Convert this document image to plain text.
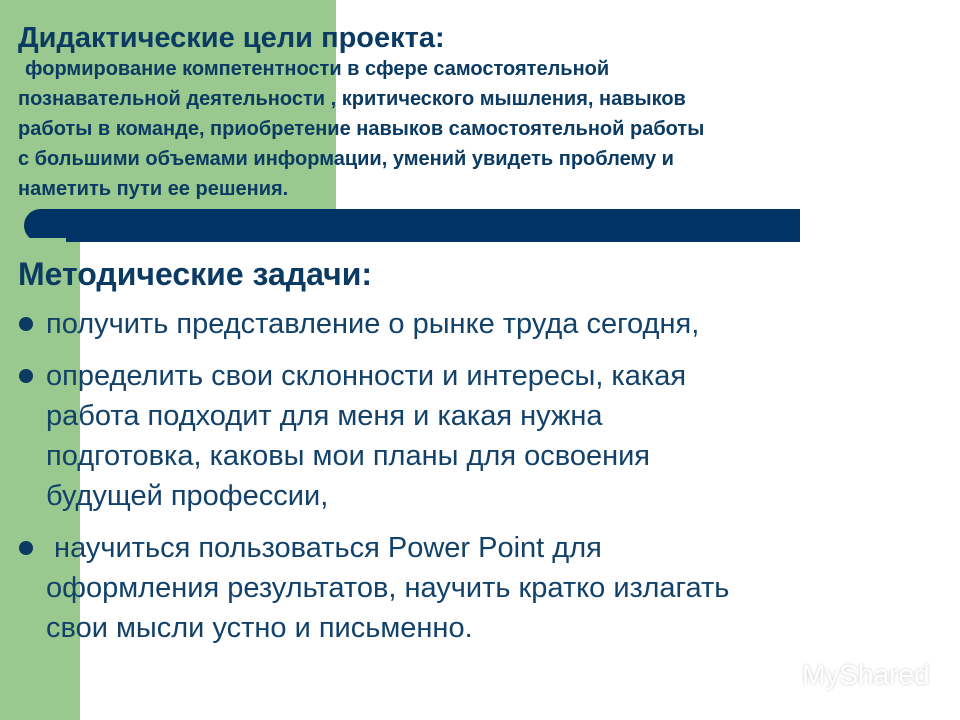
Дидактические цели проекта:
формирование компетентности в сфере самостоятельной
познавательной деятельности , критического мышления, навыков
работы в команде, приобретение навыков самостоятельной работы
с большими объемами информации, умений увидеть проблему и
наметить пути ее решения.
Методические задачи:
получить представление о рынке труда сегодня,
определить свои склонности и интересы, какая
работа подходит для меня и какая нужна
подготовка, каковы мои планы для освоения
будущей профессии,
научиться пользоваться Power Point для
оформления результатов, научить кратко излагать
свои мысли устно и письменно.
MyShared
